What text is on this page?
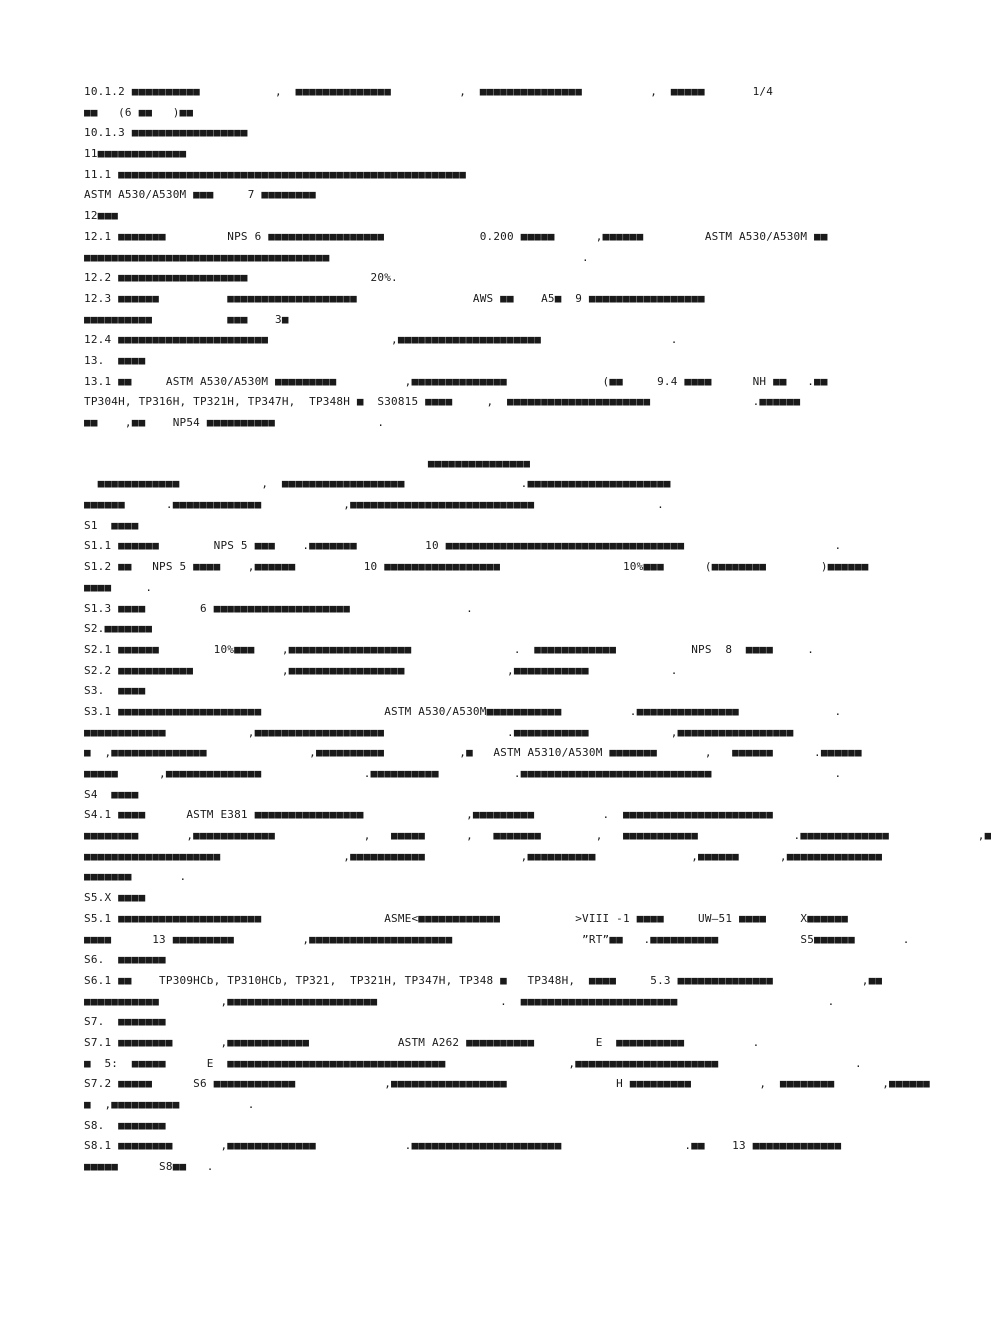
10.1.2 ■■■■■■■■■■           ,  ■■■■■■■■■■■■■■          ,  ■■■■■■■■■■■■■■■          ,  ■■■■■       1/4
■■   (6 ■■   )■■
10.1.3 ■■■■■■■■■■■■■■■■■
11■■■■■■■■■■■■■
11.1 ■■■■■■■■■■■■■■■■■■■■■■■■■■■■■■■■■■■■■■■■■■■■■■■■■■■
ASTM A530/A530M ■■■     7 ■■■■■■■■
12■■■
12.1 ■■■■■■■         NPS 6 ■■■■■■■■■■■■■■■■■              0.200 ■■■■■      ,■■■■■■         ASTM A530/A530M ■■
■■■■■■■■■■■■■■■■■■■■■■■■■■■■■■■■■■■■                                     .
12.2 ■■■■■■■■■■■■■■■■■■■                  20%.
12.3 ■■■■■■          ■■■■■■■■■■■■■■■■■■■                 AWS ■■    A5■  9 ■■■■■■■■■■■■■■■■■
■■■■■■■■■■           ■■■    3■
12.4 ■■■■■■■■■■■■■■■■■■■■■■                  ,■■■■■■■■■■■■■■■■■■■■■                   .
13.  ■■■■
13.1 ■■     ASTM A530/A530M ■■■■■■■■■          ,■■■■■■■■■■■■■■              (■■     9.4 ■■■■      NH ■■   .■■
TP304H, TP316H, TP321H, TP347H,  TP348H ■  S30815 ■■■■     ,  ■■■■■■■■■■■■■■■■■■■■■               .■■■■■■
■■    ,■■    NP54 ■■■■■■■■■■               .
■■■■■■■■■■■■■■■
■■■■■■■■■■■■            ,  ■■■■■■■■■■■■■■■■■■                 .■■■■■■■■■■■■■■■■■■■■■
■■■■■■      .■■■■■■■■■■■■■            ,■■■■■■■■■■■■■■■■■■■■■■■■■■■                  .
S1  ■■■■
S1.1 ■■■■■■        NPS 5 ■■■    .■■■■■■■          10 ■■■■■■■■■■■■■■■■■■■■■■■■■■■■■■■■■■■                      .
S1.2 ■■   NPS 5 ■■■■    ,■■■■■■          10 ■■■■■■■■■■■■■■■■■                  10%■■■      (■■■■■■■■        )■■■■■■
■■■■     .
S1.3 ■■■■        6 ■■■■■■■■■■■■■■■■■■■■                 .
S2.■■■■■■■
S2.1 ■■■■■■        10%■■■    ,■■■■■■■■■■■■■■■■■■               .  ■■■■■■■■■■■■           NPS  8  ■■■■     .
S2.2 ■■■■■■■■■■■             ,■■■■■■■■■■■■■■■■■               ,■■■■■■■■■■■            .
S3.  ■■■■
S3.1 ■■■■■■■■■■■■■■■■■■■■■                  ASTM A530/A530M■■■■■■■■■■■          .■■■■■■■■■■■■■■■              .
■■■■■■■■■■■■            ,■■■■■■■■■■■■■■■■■■■                  .■■■■■■■■■■■            ,■■■■■■■■■■■■■■■■■
■  ,■■■■■■■■■■■■■■               ,■■■■■■■■■■           ,■   ASTM A5310/A530M ■■■■■■■       ,   ■■■■■■      .■■■■■■
■■■■■      ,■■■■■■■■■■■■■■               .■■■■■■■■■■           .■■■■■■■■■■■■■■■■■■■■■■■■■■■■                  .
S4  ■■■■
S4.1 ■■■■      ASTM E381 ■■■■■■■■■■■■■■■■               ,■■■■■■■■■          .  ■■■■■■■■■■■■■■■■■■■■■■
■■■■■■■■       ,■■■■■■■■■■■■             ,   ■■■■■      ,   ■■■■■■■        ,   ■■■■■■■■■■■              .■■■■■■■■■■■■■             ,■
■■■■■■■■■■■■■■■■■■■■                  ,■■■■■■■■■■■              ,■■■■■■■■■■              ,■■■■■■      ,■■■■■■■■■■■■■■
■■■■■■■       .
S5.X ■■■■
S5.1 ■■■■■■■■■■■■■■■■■■■■■                  ASME<■■■■■■■■■■■■           >VIII -1 ■■■■     UW—51 ■■■■     X■■■■■■
■■■■      13 ■■■■■■■■■          ,■■■■■■■■■■■■■■■■■■■■■                   ”RT”■■   .■■■■■■■■■■            S5■■■■■■       .
S6.  ■■■■■■■
S6.1 ■■    TP309HCb, TP310HCb, TP321,  TP321H, TP347H, TP348 ■   TP348H,  ■■■■     5.3 ■■■■■■■■■■■■■■             ,■■
■■■■■■■■■■■         ,■■■■■■■■■■■■■■■■■■■■■■                  .  ■■■■■■■■■■■■■■■■■■■■■■■                      .
S7.  ■■■■■■■
S7.1 ■■■■■■■■       ,■■■■■■■■■■■■             ASTM A262 ■■■■■■■■■■         E  ■■■■■■■■■■          .
■  5:  ■■■■■      E  ■■■■■■■■■■■■■■■■■■■■■■■■■■■■■■■■                  ,■■■■■■■■■■■■■■■■■■■■■                    .
S7.2 ■■■■■      S6 ■■■■■■■■■■■■             ,■■■■■■■■■■■■■■■■■                H ■■■■■■■■■          ,  ■■■■■■■■       ,■■■■■■
■  ,■■■■■■■■■■          .
S8.  ■■■■■■■
S8.1 ■■■■■■■■       ,■■■■■■■■■■■■■             .■■■■■■■■■■■■■■■■■■■■■■                  .■■    13 ■■■■■■■■■■■■■
■■■■■      S8■■   .
